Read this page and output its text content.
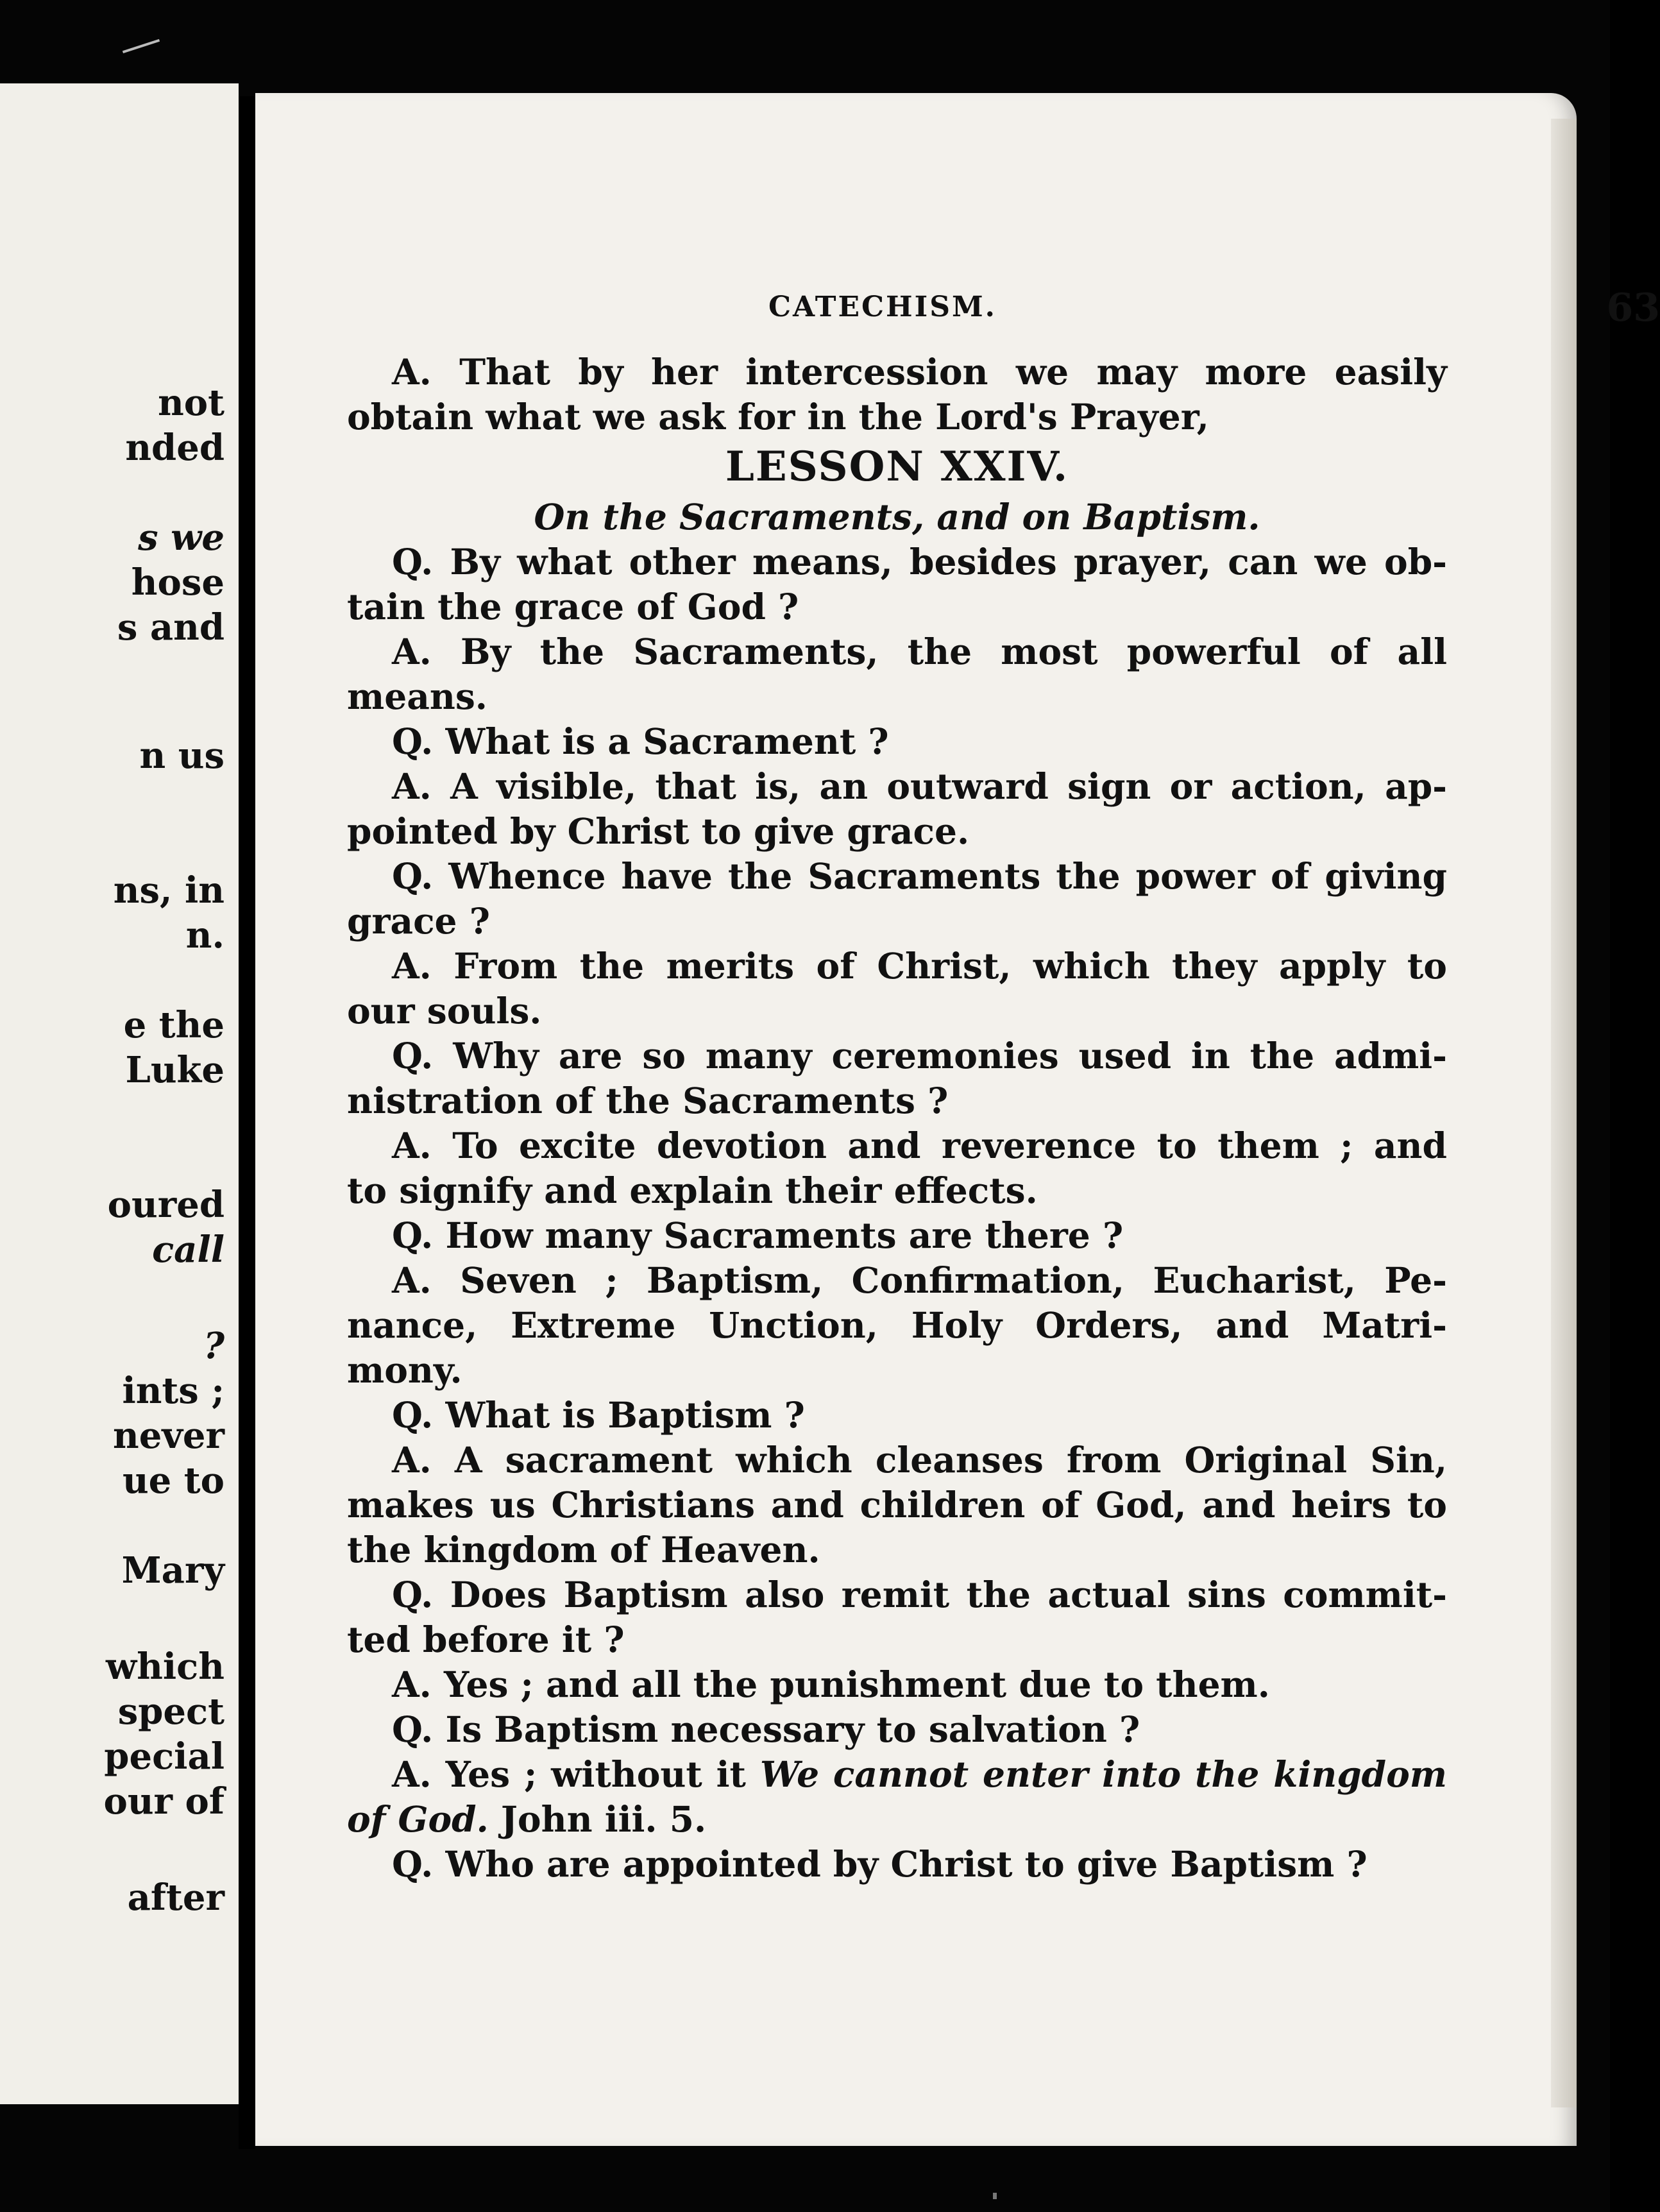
not
nded
s we
hose
s and
n us
ns, in
n.
e the
Luke
oured
call
?
ints ;
never
ue to
Mary
which
spect
pecial
our of
after
CATECHISM.	63
A. That by her intercession we may more easily
obtain what we ask for in the Lord's Prayer,
LESSON XXIV.
On the Sacraments, and on Baptism.
Q. By what other means, besides prayer, can we ob-
tain the grace of God ?
A. By the Sacraments, the most powerful of all
means.
Q. What is a Sacrament ?
A. A visible, that is, an outward sign or action, ap-
pointed by Christ to give grace.
Q. Whence have the Sacraments the power of giving
grace ?
A. From the merits of Christ, which they apply to
our souls.
Q. Why are so many ceremonies used in the admi-
nistration of the Sacraments ?
A. To excite devotion and reverence to them ; and
to signify and explain their effects.
Q. How many Sacraments are there ?
A. Seven ; Baptism, Confirmation, Eucharist, Pe-
nance, Extreme Unction, Holy Orders, and Matri-
mony.
Q. What is Baptism ?
A. A sacrament which cleanses from Original Sin,
makes us Christians and children of God, and heirs to
the kingdom of Heaven.
Q. Does Baptism also remit the actual sins commit-
ted before it ?
A. Yes ; and all the punishment due to them.
Q. Is Baptism necessary to salvation ?
A. Yes ; without it We cannot enter into the kingdom
of God. John iii. 5.
Q. Who are appointed by Christ to give Baptism ?
